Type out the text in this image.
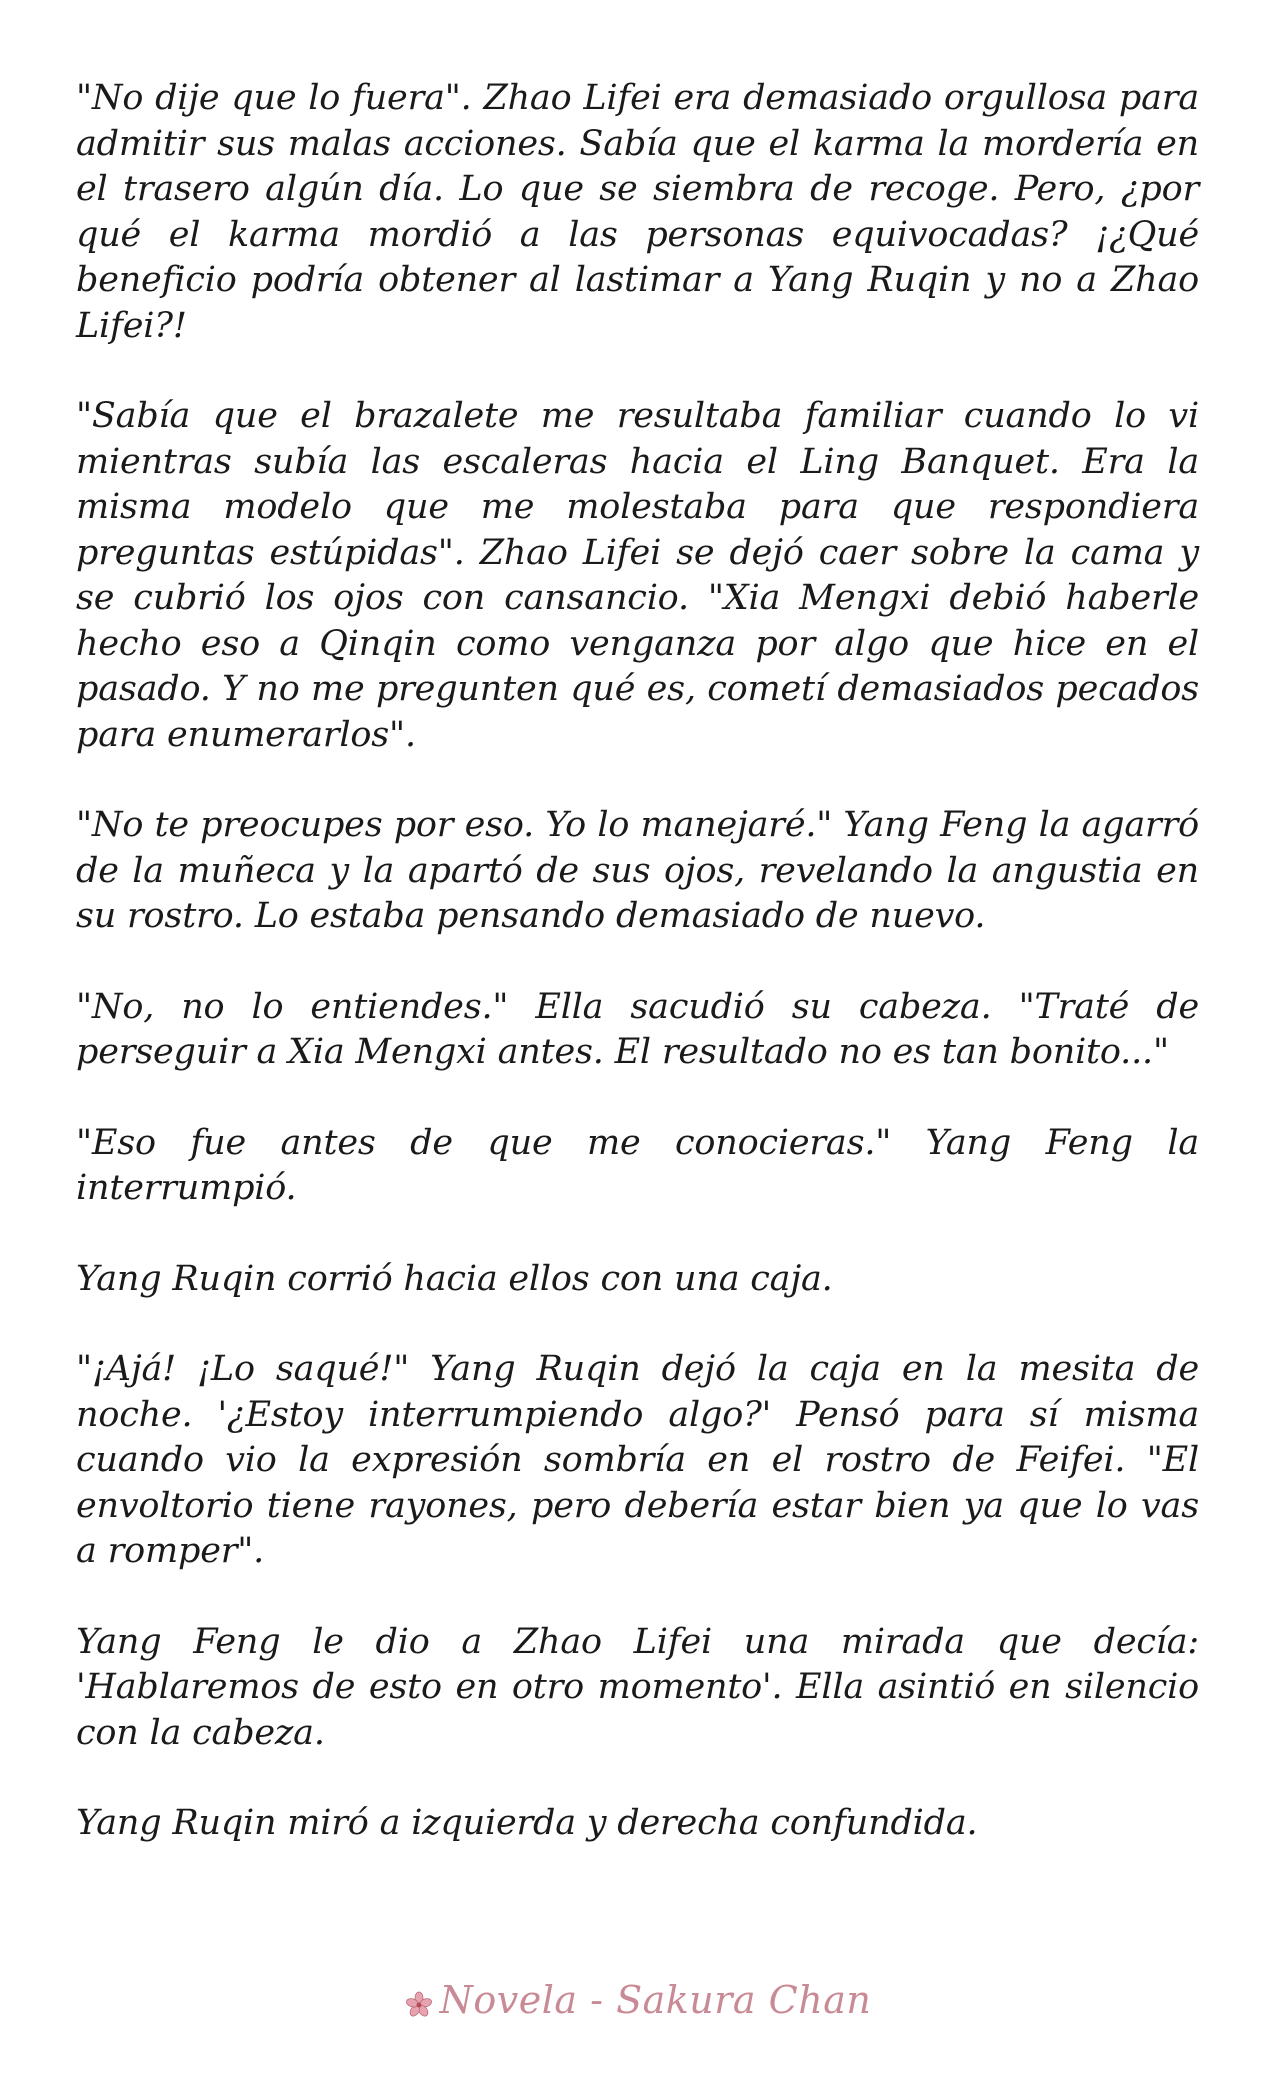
"No dije que lo fuera". Zhao Lifei era demasiado orgullosa para admitir sus malas acciones. Sabía que el karma la mordería en el trasero algún día. Lo que se siembra de recoge. Pero, ¿por qué el karma mordió a las personas equivocadas? ¡¿Qué beneficio podría obtener al lastimar a Yang Ruqin y no a Zhao Lifei?!

"Sabía que el brazalete me resultaba familiar cuando lo vi mientras subía las escaleras hacia el Ling Banquet. Era la misma modelo que me molestaba para que respondiera preguntas estúpidas". Zhao Lifei se dejó caer sobre la cama y se cubrió los ojos con cansancio. "Xia Mengxi debió haberle hecho eso a Qinqin como venganza por algo que hice en el pasado. Y no me pregunten qué es, cometí demasiados pecados para enumerarlos".

"No te preocupes por eso. Yo lo manejaré." Yang Feng la agarró de la muñeca y la apartó de sus ojos, revelando la angustia en su rostro. Lo estaba pensando demasiado de nuevo.

"No, no lo entiendes." Ella sacudió su cabeza. "Traté de perseguir a Xia Mengxi antes. El resultado no es tan bonito..."

"Eso fue antes de que me conocieras." Yang Feng la interrumpió.

Yang Ruqin corrió hacia ellos con una caja.

"¡Ajá! ¡Lo saqué!" Yang Ruqin dejó la caja en la mesita de noche. '¿Estoy interrumpiendo algo?' Pensó para sí misma cuando vio la expresión sombría en el rostro de Feifei. "El envoltorio tiene rayones, pero debería estar bien ya que lo vas a romper".

Yang Feng le dio a Zhao Lifei una mirada que decía: 'Hablaremos de esto en otro momento'. Ella asintió en silencio con la cabeza.

Yang Ruqin miró a izquierda y derecha confundida.

Novela - Sakura Chan
